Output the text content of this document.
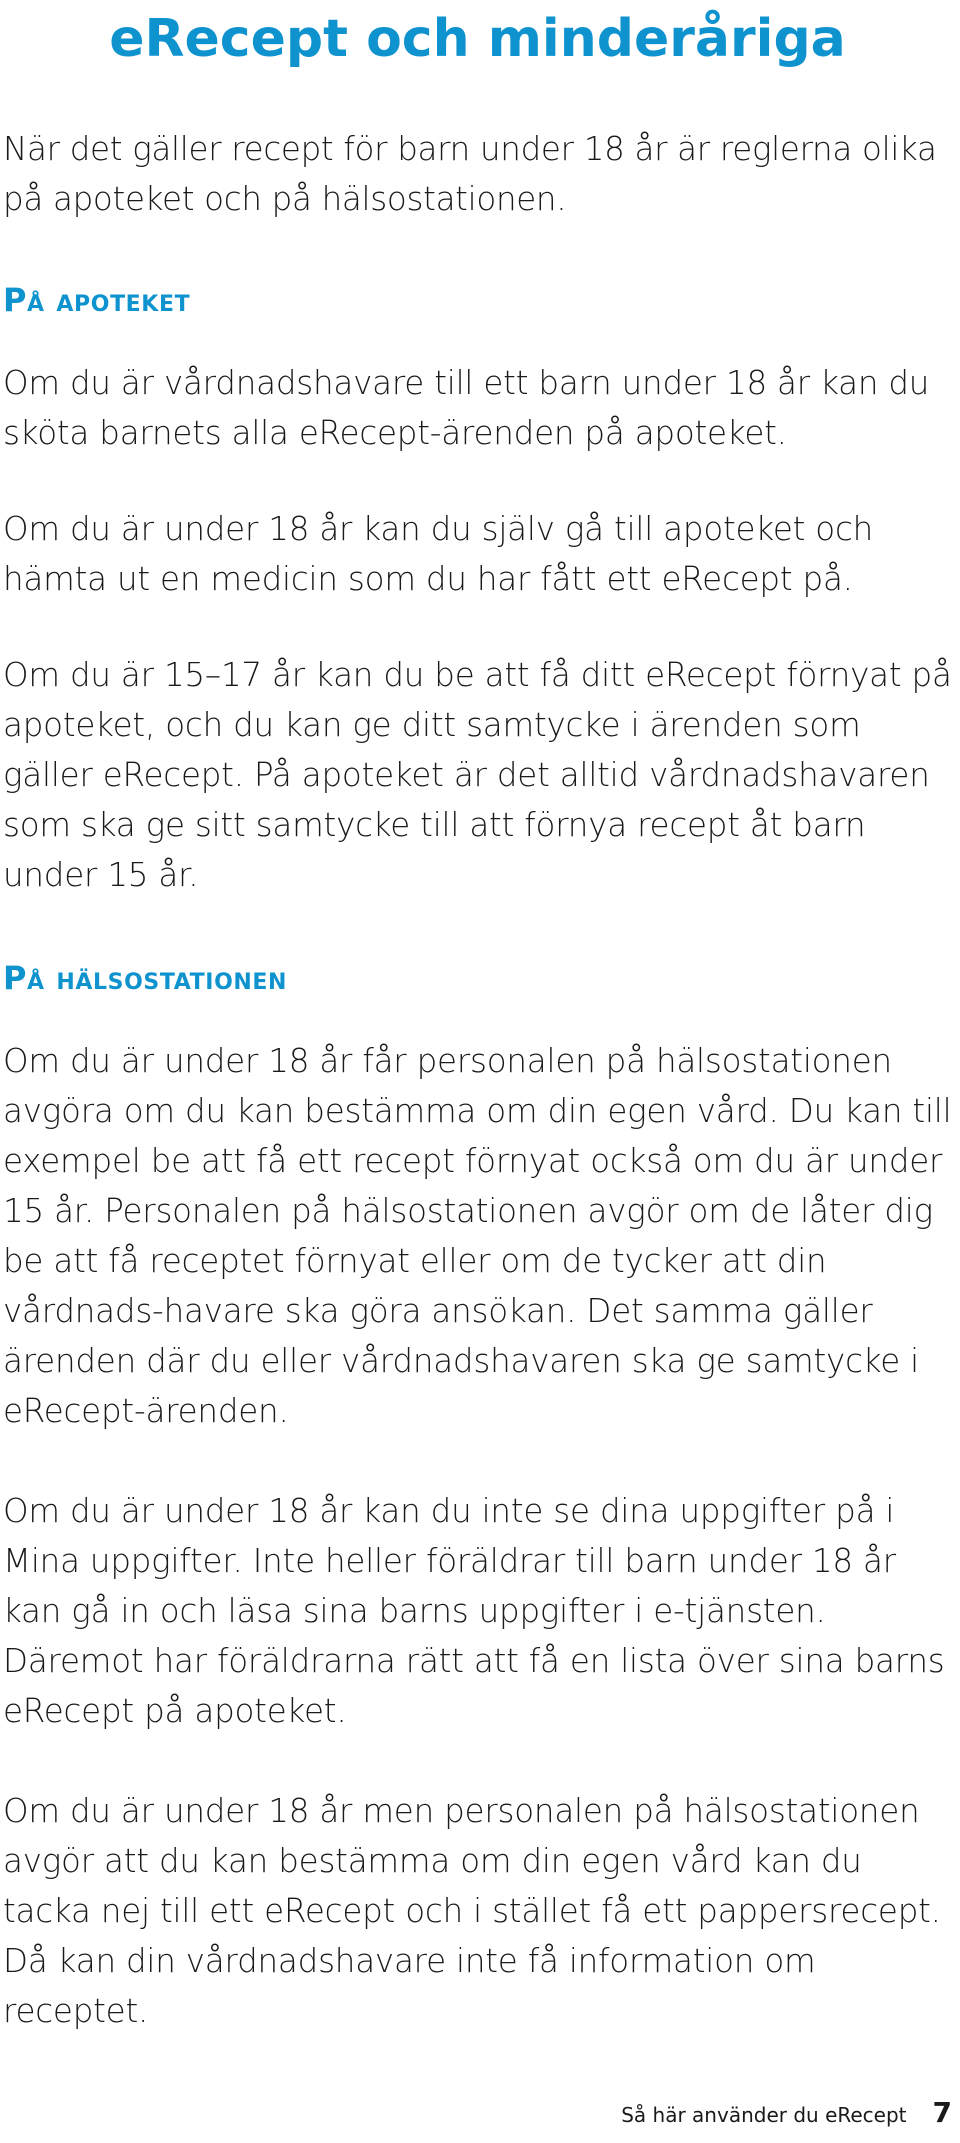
eRecept och minderåriga

När det gäller recept för barn under 18 år är reglerna olika på apoteket och på hälsostationen.

På apoteket

Om du är vårdnadshavare till ett barn under 18 år kan du sköta barnets alla eRecept-ärenden på apoteket.

Om du är under 18 år kan du själv gå till apoteket och hämta ut en medicin som du har fått ett eRecept på.

Om du är 15–17 år kan du be att få ditt eRecept förnyat på apoteket, och du kan ge ditt samtycke i ärenden som gäller eRecept. På apoteket är det alltid vårdnadshavaren som ska ge sitt samtycke till att förnya recept åt barn under 15 år.

På hälsostationen

Om du är under 18 år får personalen på hälsostationen avgöra om du kan bestämma om din egen vård. Du kan till exempel be att få ett recept förnyat också om du är under 15 år. Personalen på hälsostationen avgör om de låter dig be att få receptet förnyat eller om de tycker att din vårdnads-havare ska göra ansökan. Det samma gäller ärenden där du eller vårdnadshavaren ska ge samtycke i eRecept-ärenden.

Om du är under 18 år kan du inte se dina uppgifter på i Mina uppgifter. Inte heller föräldrar till barn under 18 år kan gå in och läsa sina barns uppgifter i e-tjänsten. Däremot har föräldrarna rätt att få en lista över sina barns eRecept på apoteket.

Om du är under 18 år men personalen på hälsostationen avgör att du kan bestämma om din egen vård kan du tacka nej till ett eRecept och i stället få ett pappersrecept. Då kan din vårdnadshavare inte få information om receptet.

Så här använder du eRecept 7
